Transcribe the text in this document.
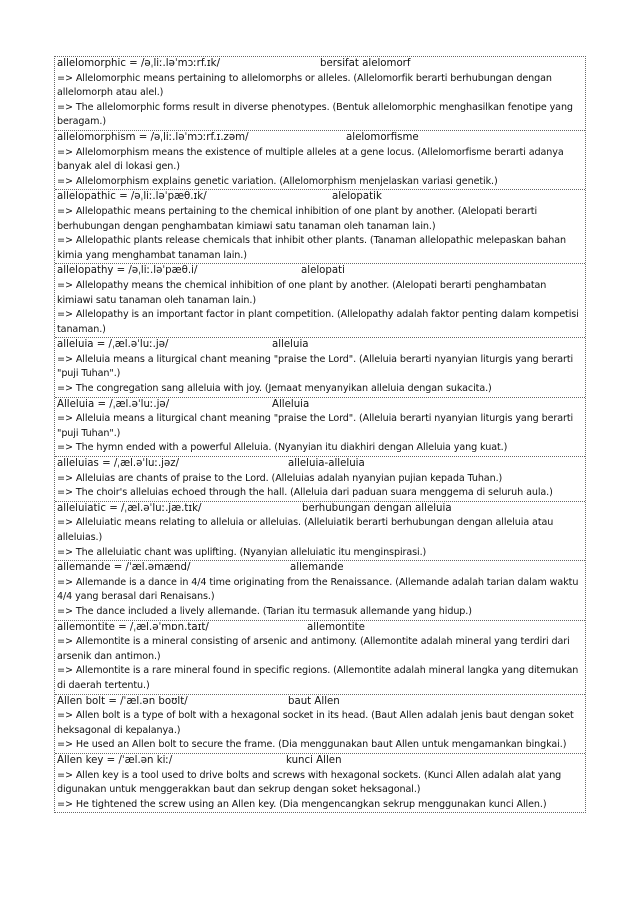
allelomorphic = /əˌliː.ləˈmɔːrf.ɪk/	bersifat alelomorf
=> Allelomorphic means pertaining to allelomorphs or alleles. (Allelomorfik berarti berhubungan dengan allelomorph atau alel.)
=> The allelomorphic forms result in diverse phenotypes. (Bentuk allelomorphic menghasilkan fenotipe yang beragam.)
allelomorphism = /əˌliː.ləˈmɔːrf.ɪ.zəm/	alelomorfisme
=> Allelomorphism means the existence of multiple alleles at a gene locus. (Allelomorfisme berarti adanya banyak alel di lokasi gen.)
=> Allelomorphism explains genetic variation. (Allelomorphism menjelaskan variasi genetik.)
allelopathic = /əˌliː.ləˈpæθ.ɪk/	alelopatik
=> Allelopathic means pertaining to the chemical inhibition of one plant by another. (Alelopati berarti berhubungan dengan penghambatan kimiawi satu tanaman oleh tanaman lain.)
=> Allelopathic plants release chemicals that inhibit other plants. (Tanaman allelopathic melepaskan bahan kimia yang menghambat tanaman lain.)
allelopathy = /əˌliː.ləˈpæθ.i/	alelopati
=> Allelopathy means the chemical inhibition of one plant by another. (Alelopati berarti penghambatan kimiawi satu tanaman oleh tanaman lain.)
=> Allelopathy is an important factor in plant competition. (Allelopathy adalah faktor penting dalam kompetisi tanaman.)
alleluia = /ˌæl.əˈluː.jə/	alleluia
=> Alleluia means a liturgical chant meaning "praise the Lord". (Alleluia berarti nyanyian liturgis yang berarti "puji Tuhan".)
=> The congregation sang alleluia with joy. (Jemaat menyanyikan alleluia dengan sukacita.)
Alleluia = /ˌæl.əˈluː.jə/	Alleluia
=> Alleluia means a liturgical chant meaning "praise the Lord". (Alleluia berarti nyanyian liturgis yang berarti "puji Tuhan".)
=> The hymn ended with a powerful Alleluia. (Nyanyian itu diakhiri dengan Alleluia yang kuat.)
alleluias = /ˌæl.əˈluː.jəz/	alleluia-alleluia
=> Alleluias are chants of praise to the Lord. (Alleluias adalah nyanyian pujian kepada Tuhan.)
=> The choir's alleluias echoed through the hall. (Alleluia dari paduan suara menggema di seluruh aula.)
alleluiatic = /ˌæl.əˈluː.jæ.tɪk/	berhubungan dengan alleluia
=> Alleluiatic means relating to alleluia or alleluias. (Alleluiatik berarti berhubungan dengan alleluia atau alleluias.)
=> The alleluiatic chant was uplifting. (Nyanyian alleluiatic itu menginspirasi.)
allemande = /ˈæl.əmænd/	allemande
=> Allemande is a dance in 4/4 time originating from the Renaissance. (Allemande adalah tarian dalam waktu 4/4 yang berasal dari Renaisans.)
=> The dance included a lively allemande. (Tarian itu termasuk allemande yang hidup.)
allemontite = /ˌæl.əˈmɒn.taɪt/	allemontite
=> Allemontite is a mineral consisting of arsenic and antimony. (Allemontite adalah mineral yang terdiri dari arsenik dan antimon.)
=> Allemontite is a rare mineral found in specific regions. (Allemontite adalah mineral langka yang ditemukan di daerah tertentu.)
Allen bolt = /ˈæl.ən boʊlt/	baut Allen
=> Allen bolt is a type of bolt with a hexagonal socket in its head. (Baut Allen adalah jenis baut dengan soket heksagonal di kepalanya.)
=> He used an Allen bolt to secure the frame. (Dia menggunakan baut Allen untuk mengamankan bingkai.)
Allen key = /ˈæl.ən kiː/	kunci Allen
=> Allen key is a tool used to drive bolts and screws with hexagonal sockets. (Kunci Allen adalah alat yang digunakan untuk menggerakkan baut dan sekrup dengan soket heksagonal.)
=> He tightened the screw using an Allen key. (Dia mengencangkan sekrup menggunakan kunci Allen.)
